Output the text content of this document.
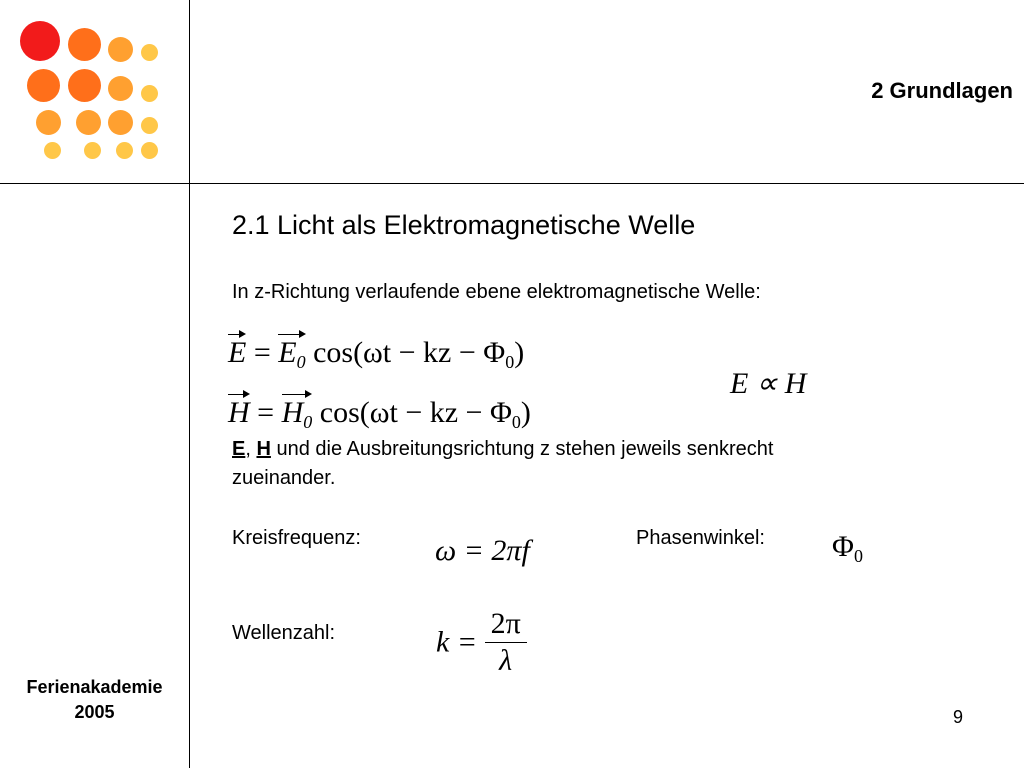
2 Grundlagen
2.1 Licht als Elektromagnetische Welle
In z-Richtung verlaufende ebene elektromagnetische Welle:
$E = E_0$ cos(ωt − kz − $\Phi_0$)
$H = H_0$ cos(ωt − kz − $\Phi_0$)
E ∝ H
E, H und die Ausbreitungsrichtung z stehen jeweils senkrecht
zueinander.
Kreisfrequenz: ω = 2πf	Phasenwinkel: $\Phi_0$
Wellenzahl:	$k = \frac{2\pi}{\lambda}$
Ferienakademie
2005	9
